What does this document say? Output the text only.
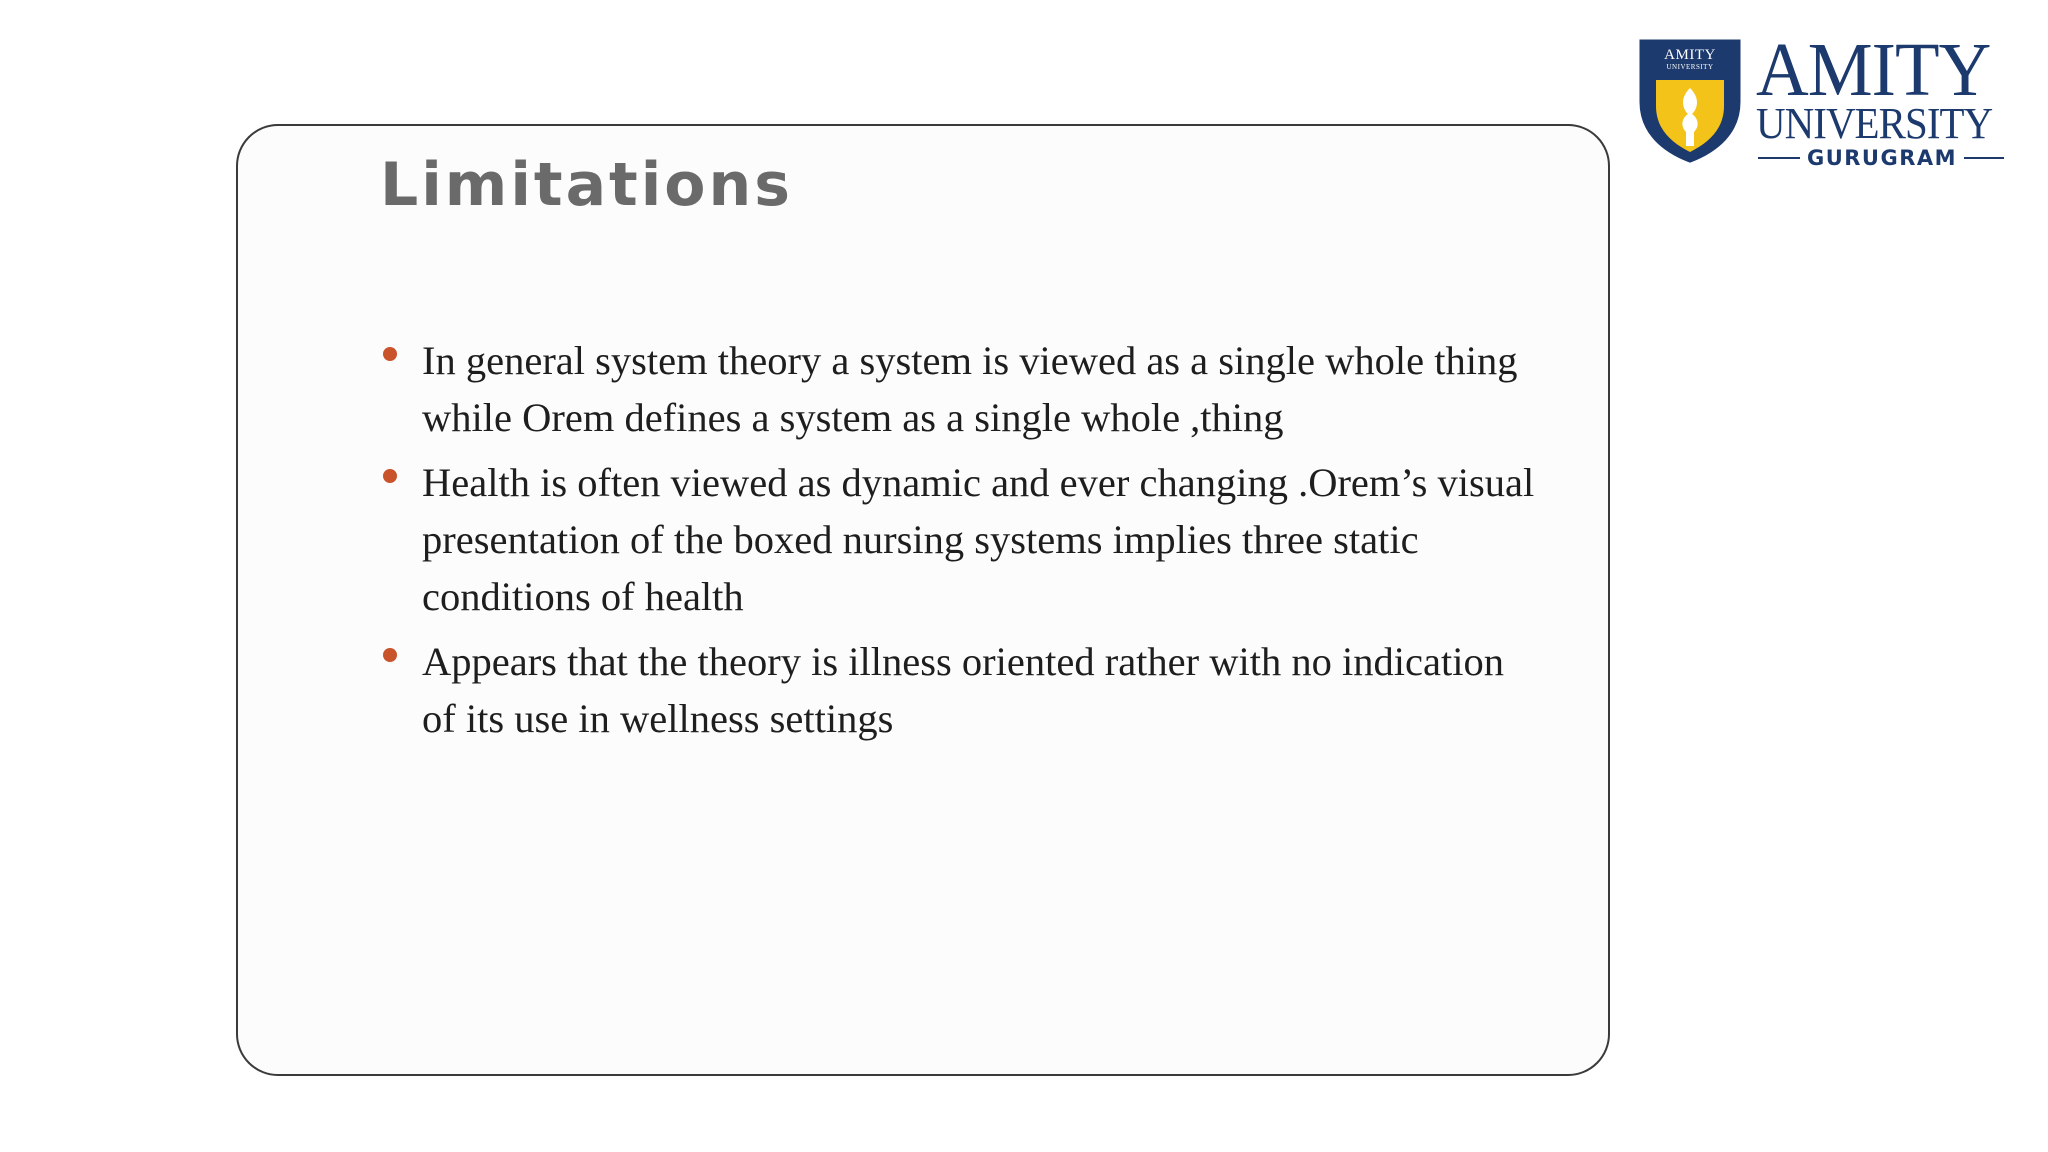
Limitations
In general system theory a system is viewed as a single whole thing while Orem defines a system as a single whole ,thing
Health is often viewed as dynamic and ever changing .Orem’s visual presentation of the boxed nursing systems implies three static conditions of health
Appears that the theory is illness oriented rather with no indication of its use in wellness settings
AMITY
UNIVERSITY AMITY
UNIVERSITY
GURUGRAM
